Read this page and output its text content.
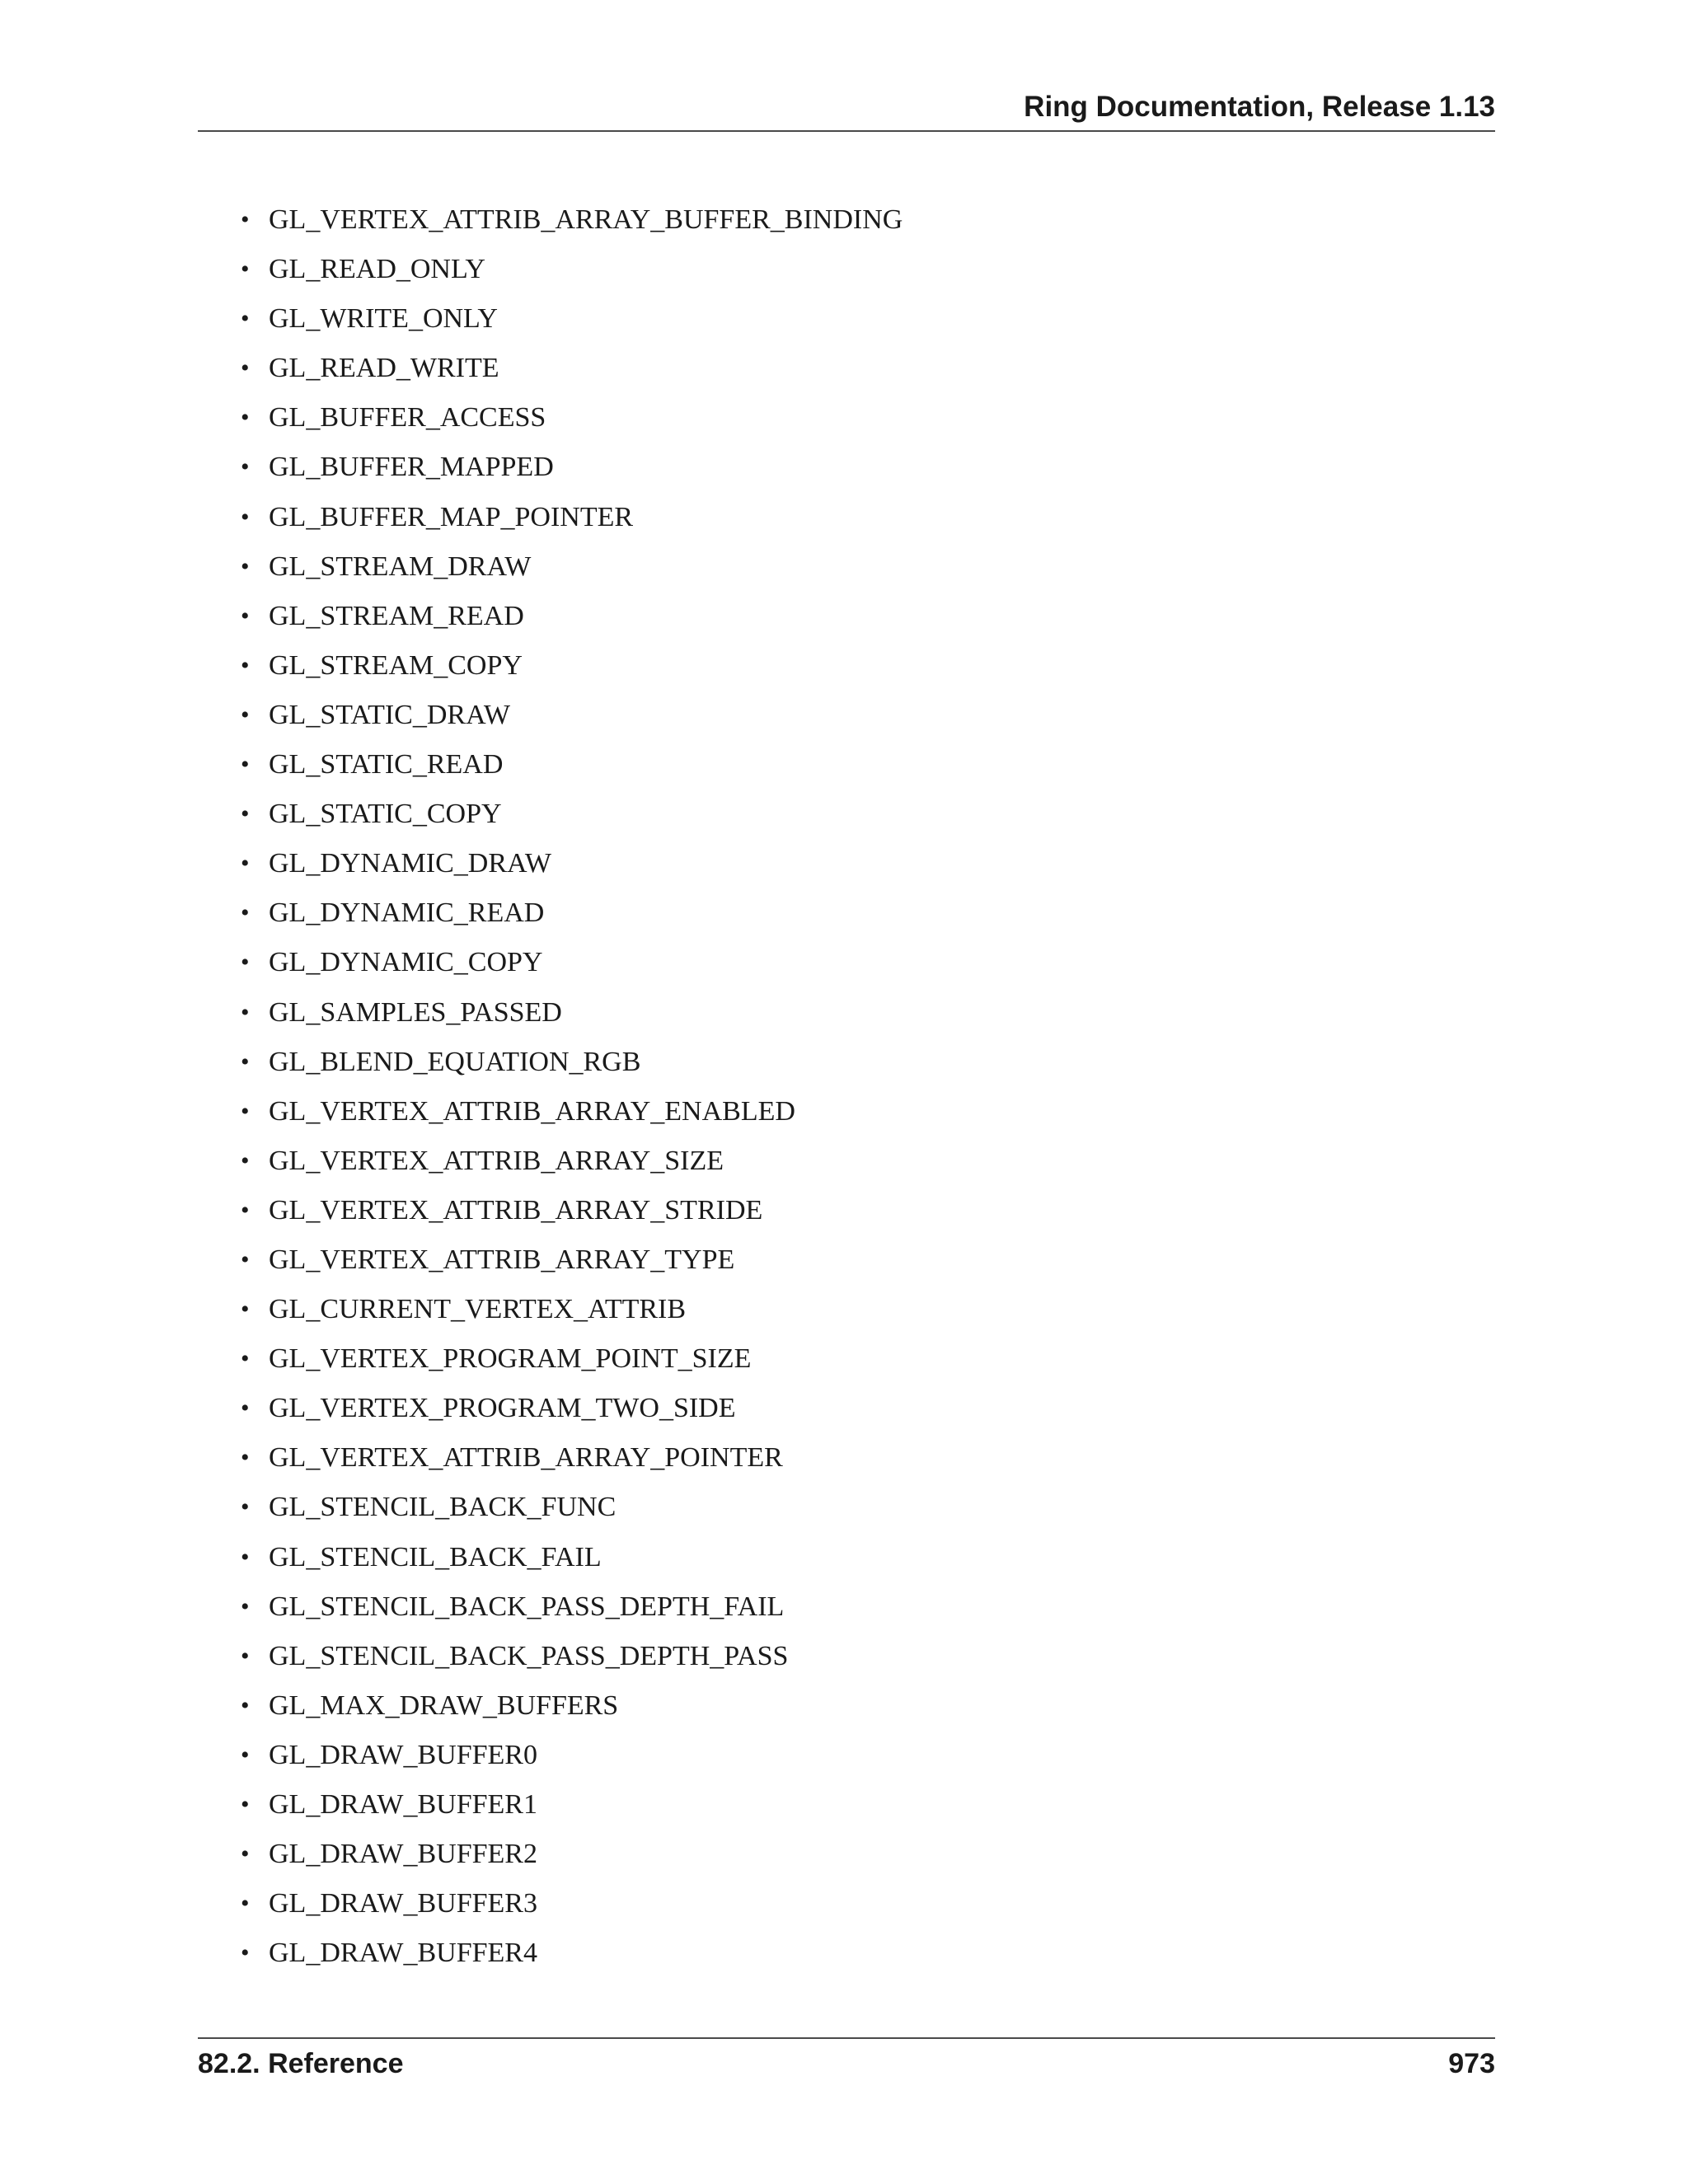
Ring Documentation, Release 1.13
• GL_VERTEX_ATTRIB_ARRAY_BUFFER_BINDING
• GL_READ_ONLY
• GL_WRITE_ONLY
• GL_READ_WRITE
• GL_BUFFER_ACCESS
• GL_BUFFER_MAPPED
• GL_BUFFER_MAP_POINTER
• GL_STREAM_DRAW
• GL_STREAM_READ
• GL_STREAM_COPY
• GL_STATIC_DRAW
• GL_STATIC_READ
• GL_STATIC_COPY
• GL_DYNAMIC_DRAW
• GL_DYNAMIC_READ
• GL_DYNAMIC_COPY
• GL_SAMPLES_PASSED
• GL_BLEND_EQUATION_RGB
• GL_VERTEX_ATTRIB_ARRAY_ENABLED
• GL_VERTEX_ATTRIB_ARRAY_SIZE
• GL_VERTEX_ATTRIB_ARRAY_STRIDE
• GL_VERTEX_ATTRIB_ARRAY_TYPE
• GL_CURRENT_VERTEX_ATTRIB
• GL_VERTEX_PROGRAM_POINT_SIZE
• GL_VERTEX_PROGRAM_TWO_SIDE
• GL_VERTEX_ATTRIB_ARRAY_POINTER
• GL_STENCIL_BACK_FUNC
• GL_STENCIL_BACK_FAIL
• GL_STENCIL_BACK_PASS_DEPTH_FAIL
• GL_STENCIL_BACK_PASS_DEPTH_PASS
• GL_MAX_DRAW_BUFFERS
• GL_DRAW_BUFFER0
• GL_DRAW_BUFFER1
• GL_DRAW_BUFFER2
• GL_DRAW_BUFFER3
• GL_DRAW_BUFFER4
82.2. Reference	973
